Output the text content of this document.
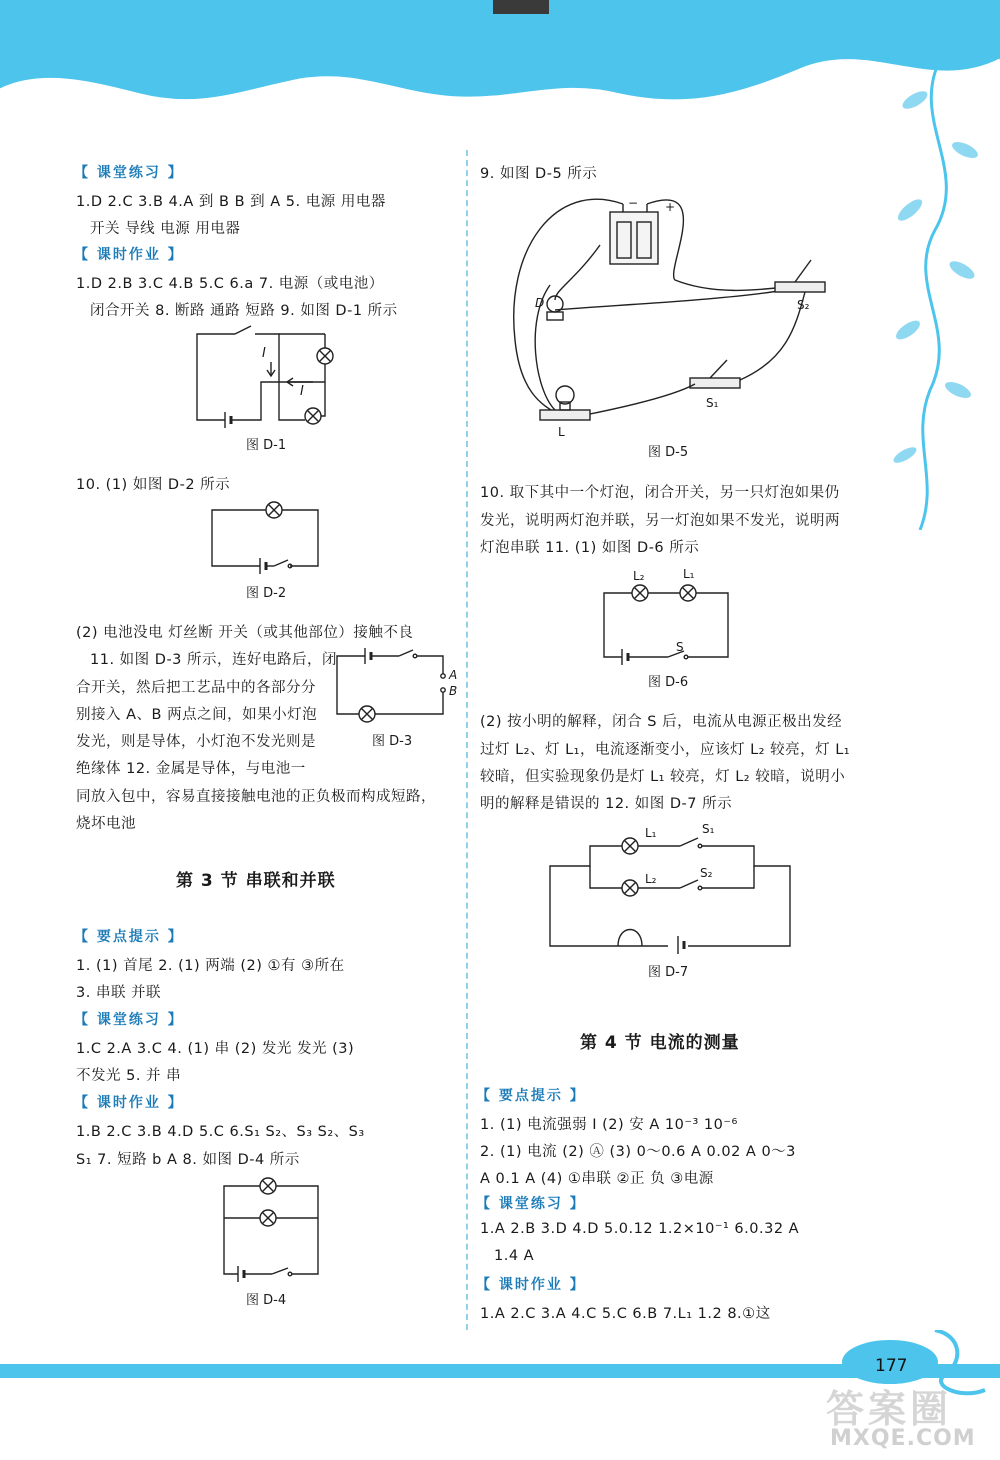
【 课堂练习 】
1.D 2.C 3.B 4.A 到 B B 到 A 5. 电源 用电器
开关 导线 电源 用电器
【 课时作业 】
1.D 2.B 3.C 4.B 5.C 6.a 7. 电源（或电池）
闭合开关 8. 断路 通路 短路 9. 如图 D-1 所示
I
I
图 D-1
10. (1) 如图 D-2 所示
图 D-2
(2) 电池没电 灯丝断 开关（或其他部位）接触不良
11. 如图 D-3 所示，连好电路后，闭
合开关，然后把工艺品中的各部分分
别接入 A、B 两点之间，如果小灯泡
发光，则是导体，小灯泡不发光则是
绝缘体 12. 金属是导体，与电池一
同放入包中，容易直接接触电池的正负极而构成短路，
烧坏电池
A
B
图 D-3
第 3 节 串联和并联
【 要点提示 】
1. (1) 首尾 2. (1) 两端 (2) ①有 ③所在
3. 串联 并联
【 课堂练习 】
1.C 2.A 3.C 4. (1) 串 (2) 发光 发光 (3)
不发光 5. 并 串
【 课时作业 】
1.B 2.C 3.B 4.D 5.C 6.S₁ S₂、S₃ S₂、S₃
S₁ 7. 短路 b A 8. 如图 D-4 所示
图 D-4
9. 如图 D-5 所示
− +
D	S₂
S₁
L
图 D-5
10. 取下其中一个灯泡，闭合开关，另一只灯泡如果仍
发光，说明两灯泡并联，另一灯泡如果不发光，说明两
灯泡串联 11. (1) 如图 D-6 所示
L₂	L₁
S
图 D-6
(2) 按小明的解释，闭合 S 后，电流从电源正极出发经
过灯 L₂、灯 L₁，电流逐渐变小，应该灯 L₂ 较亮，灯 L₁
较暗，但实验现象仍是灯 L₁ 较亮，灯 L₂ 较暗，说明小
明的解释是错误的 12. 如图 D-7 所示
L₁	S₁
L₂	S₂
图 D-7
第 4 节 电流的测量
【 要点提示 】
1. (1) 电流强弱 I (2) 安 A 10⁻³ 10⁻⁶
2. (1) 电流 (2) Ⓐ (3) 0～0.6 A 0.02 A 0～3
A 0.1 A (4) ①串联 ②正 负 ③电源
【 课堂练习 】
1.A 2.B 3.D 4.D 5.0.12 1.2×10⁻¹ 6.0.32 A
1.4 A
【 课时作业 】
1.A 2.C 3.A 4.C 5.C 6.B 7.L₁ 1.2 8.①这
177
答案圈
MXQE.COM
